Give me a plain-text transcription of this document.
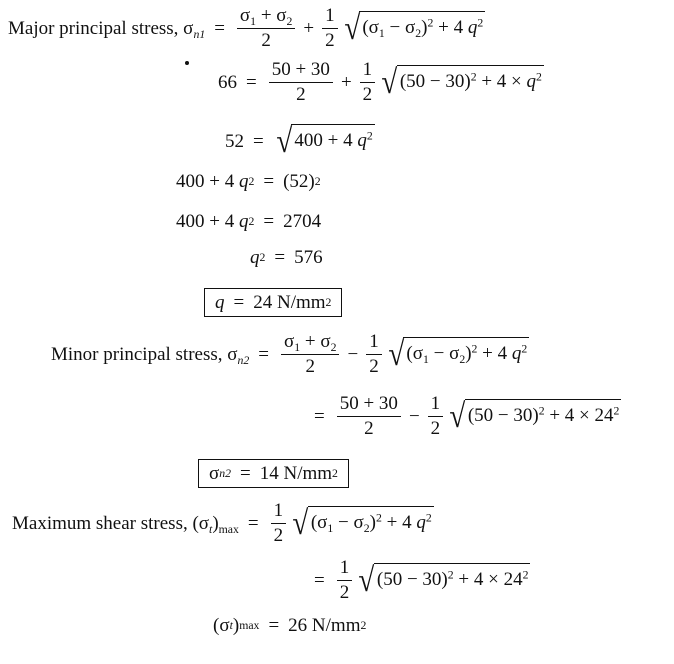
Major principal stress, $\sigma_{n1} = \frac{\sigma_1 + \sigma_2}{2} + \frac{1}{2}$ √ $(\sigma_1 - \sigma_2)^2 + 4$ $q^2$
$66 = \frac{50 + 30}{2} + \frac{1}{2}$ √ $(50 - 30)^2 + 4 \times q^2$
52 = √ 400 + 4 $q^2$
400 + 4 q 2 = (52) 2
400 + 4 q 2 = 2704
q 2 = 576
q = 24 N/mm 2
Minor principal stress, $\sigma_{n2} = \frac{\sigma_1 + \sigma_2}{2} - \frac{1}{2}$ √ $(\sigma_1 - \sigma_2)^2 + 4$ $q^2$
= $\frac{50 + 30}{2} - \frac{1}{2}$ √ $(50 - 30)^2 + 4 \times 24^2$
σ n2 = 14 N/mm 2
Maximum shear stress, $(\sigma_t)_{max} = \frac{1}{2}$ √ $(\sigma_1 - \sigma_2)^2 + 4$ $q^2$
= $\frac{1}{2}$ √ $(50 - 30)^2 + 4 \times 24^2$
( σ t ) max = 26 N/mm 2
